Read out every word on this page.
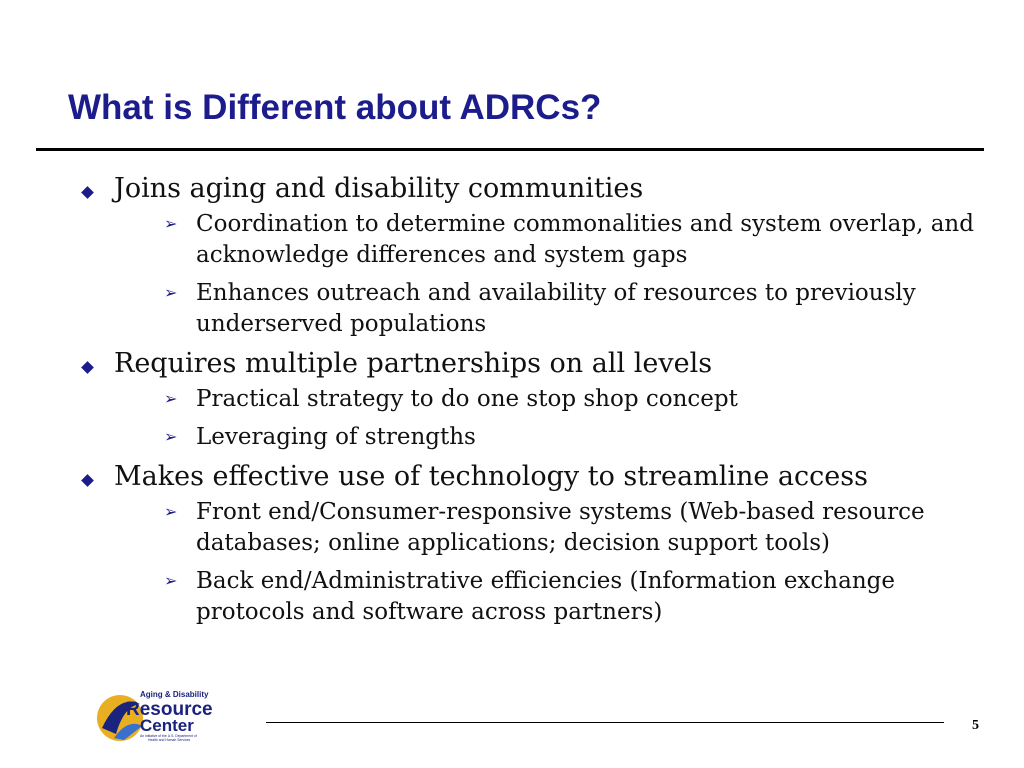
What is Different about ADRCs?
Joins aging and disability communities
➢ Coordination to determine commonalities and system overlap, and acknowledge differences and system gaps
➢ Enhances outreach and availability of resources to previously underserved populations
Requires multiple partnerships on all levels
➢ Practical strategy to do one stop shop concept
➢ Leveraging of strengths
Makes effective use of technology to streamline access
➢ Front end/Consumer-responsive systems (Web-based resource databases; online applications; decision support tools)
➢ Back end/Administrative efficiencies (Information exchange protocols and software across partners)
Aging & Disability
Resource
Center
An initiative of the U.S. Department of
Health and Human Services
5
